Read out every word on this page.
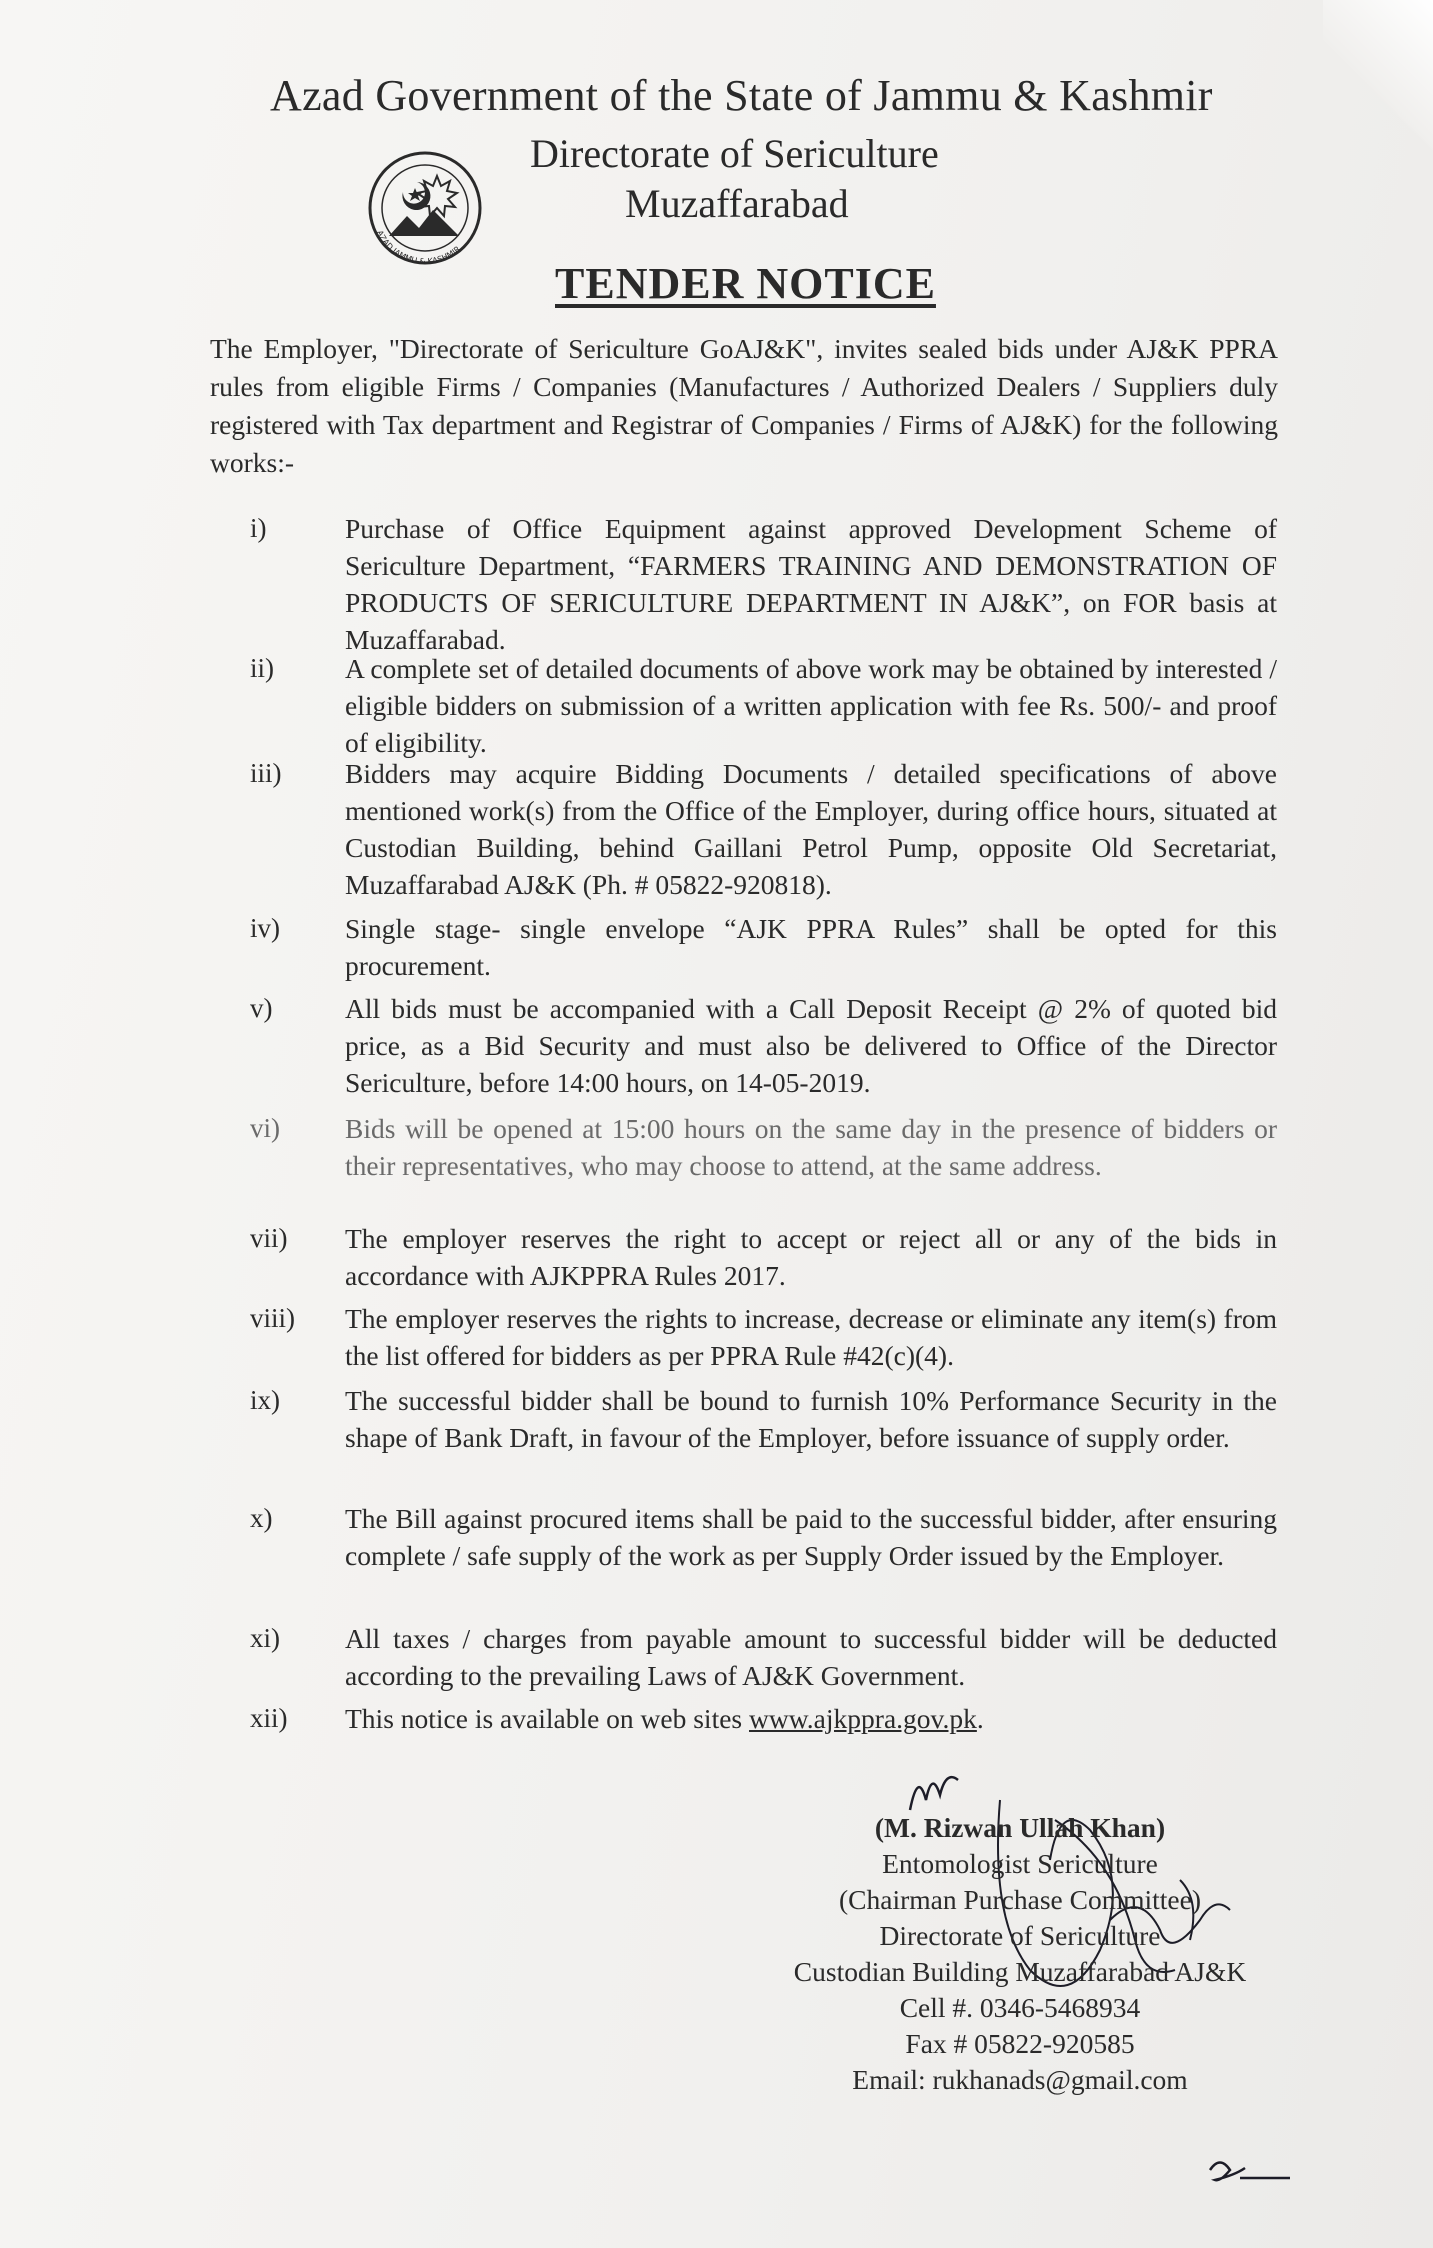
Azad Government of the State of Jammu & Kashmir
Directorate of Sericulture
Muzaffarabad
AZAD JAMMU & KASHMIR
TENDER NOTICE
The Employer, "Directorate of Sericulture GoAJ&K", invites sealed bids under AJ&K PPRA rules from eligible Firms / Companies (Manufactures / Authorized Dealers / Suppliers duly registered with Tax department and Registrar of Companies / Firms of AJ&K) for the following works:-
i)	Purchase of Office Equipment against approved Development Scheme of Sericulture Department, “FARMERS TRAINING AND DEMONSTRATION OF PRODUCTS OF SERICULTURE DEPARTMENT IN AJ&K”, on FOR basis at Muzaffarabad.
ii)	A complete set of detailed documents of above work may be obtained by interested / eligible bidders on submission of a written application with fee Rs. 500/- and proof of eligibility.
iii) Bidders may acquire Bidding Documents / detailed specifications of above mentioned work(s) from the Office of the Employer, during office hours, situated at Custodian Building, behind Gaillani Petrol Pump, opposite Old Secretariat, Muzaffarabad AJ&K (Ph. # 05822-920818).
iv) Single stage- single envelope “AJK PPRA Rules” shall be opted for this procurement.
v)	All bids must be accompanied with a Call Deposit Receipt @ 2% of quoted bid price, as a Bid Security and must also be delivered to Office of the Director Sericulture, before 14:00 hours, on 14-05-2019.
vi) Bids will be opened at 15:00 hours on the same day in the presence of bidders or their representatives, who may choose to attend, at the same address.
vii) The employer reserves the right to accept or reject all or any of the bids in accordance with AJKPPRA Rules 2017.
viii) The employer reserves the rights to increase, decrease or eliminate any item(s) from the list offered for bidders as per PPRA Rule #42(c)(4).
ix) The successful bidder shall be bound to furnish 10% Performance Security in the shape of Bank Draft, in favour of the Employer, before issuance of supply order.
x)	The Bill against procured items shall be paid to the successful bidder, after ensuring complete / safe supply of the work as per Supply Order issued by the Employer.
xi) All taxes / charges from payable amount to successful bidder will be deducted according to the prevailing Laws of AJ&K Government.
xii) This notice is available on web sites www.ajkppra.gov.pk.
(M. Rizwan Ullah Khan)
Entomologist Sericulture
(Chairman Purchase Committee)
Directorate of Sericulture
Custodian Building Muzaffarabad AJ&K
Cell #. 0346-5468934
Fax # 05822-920585
Email: rukhanads@gmail.com
